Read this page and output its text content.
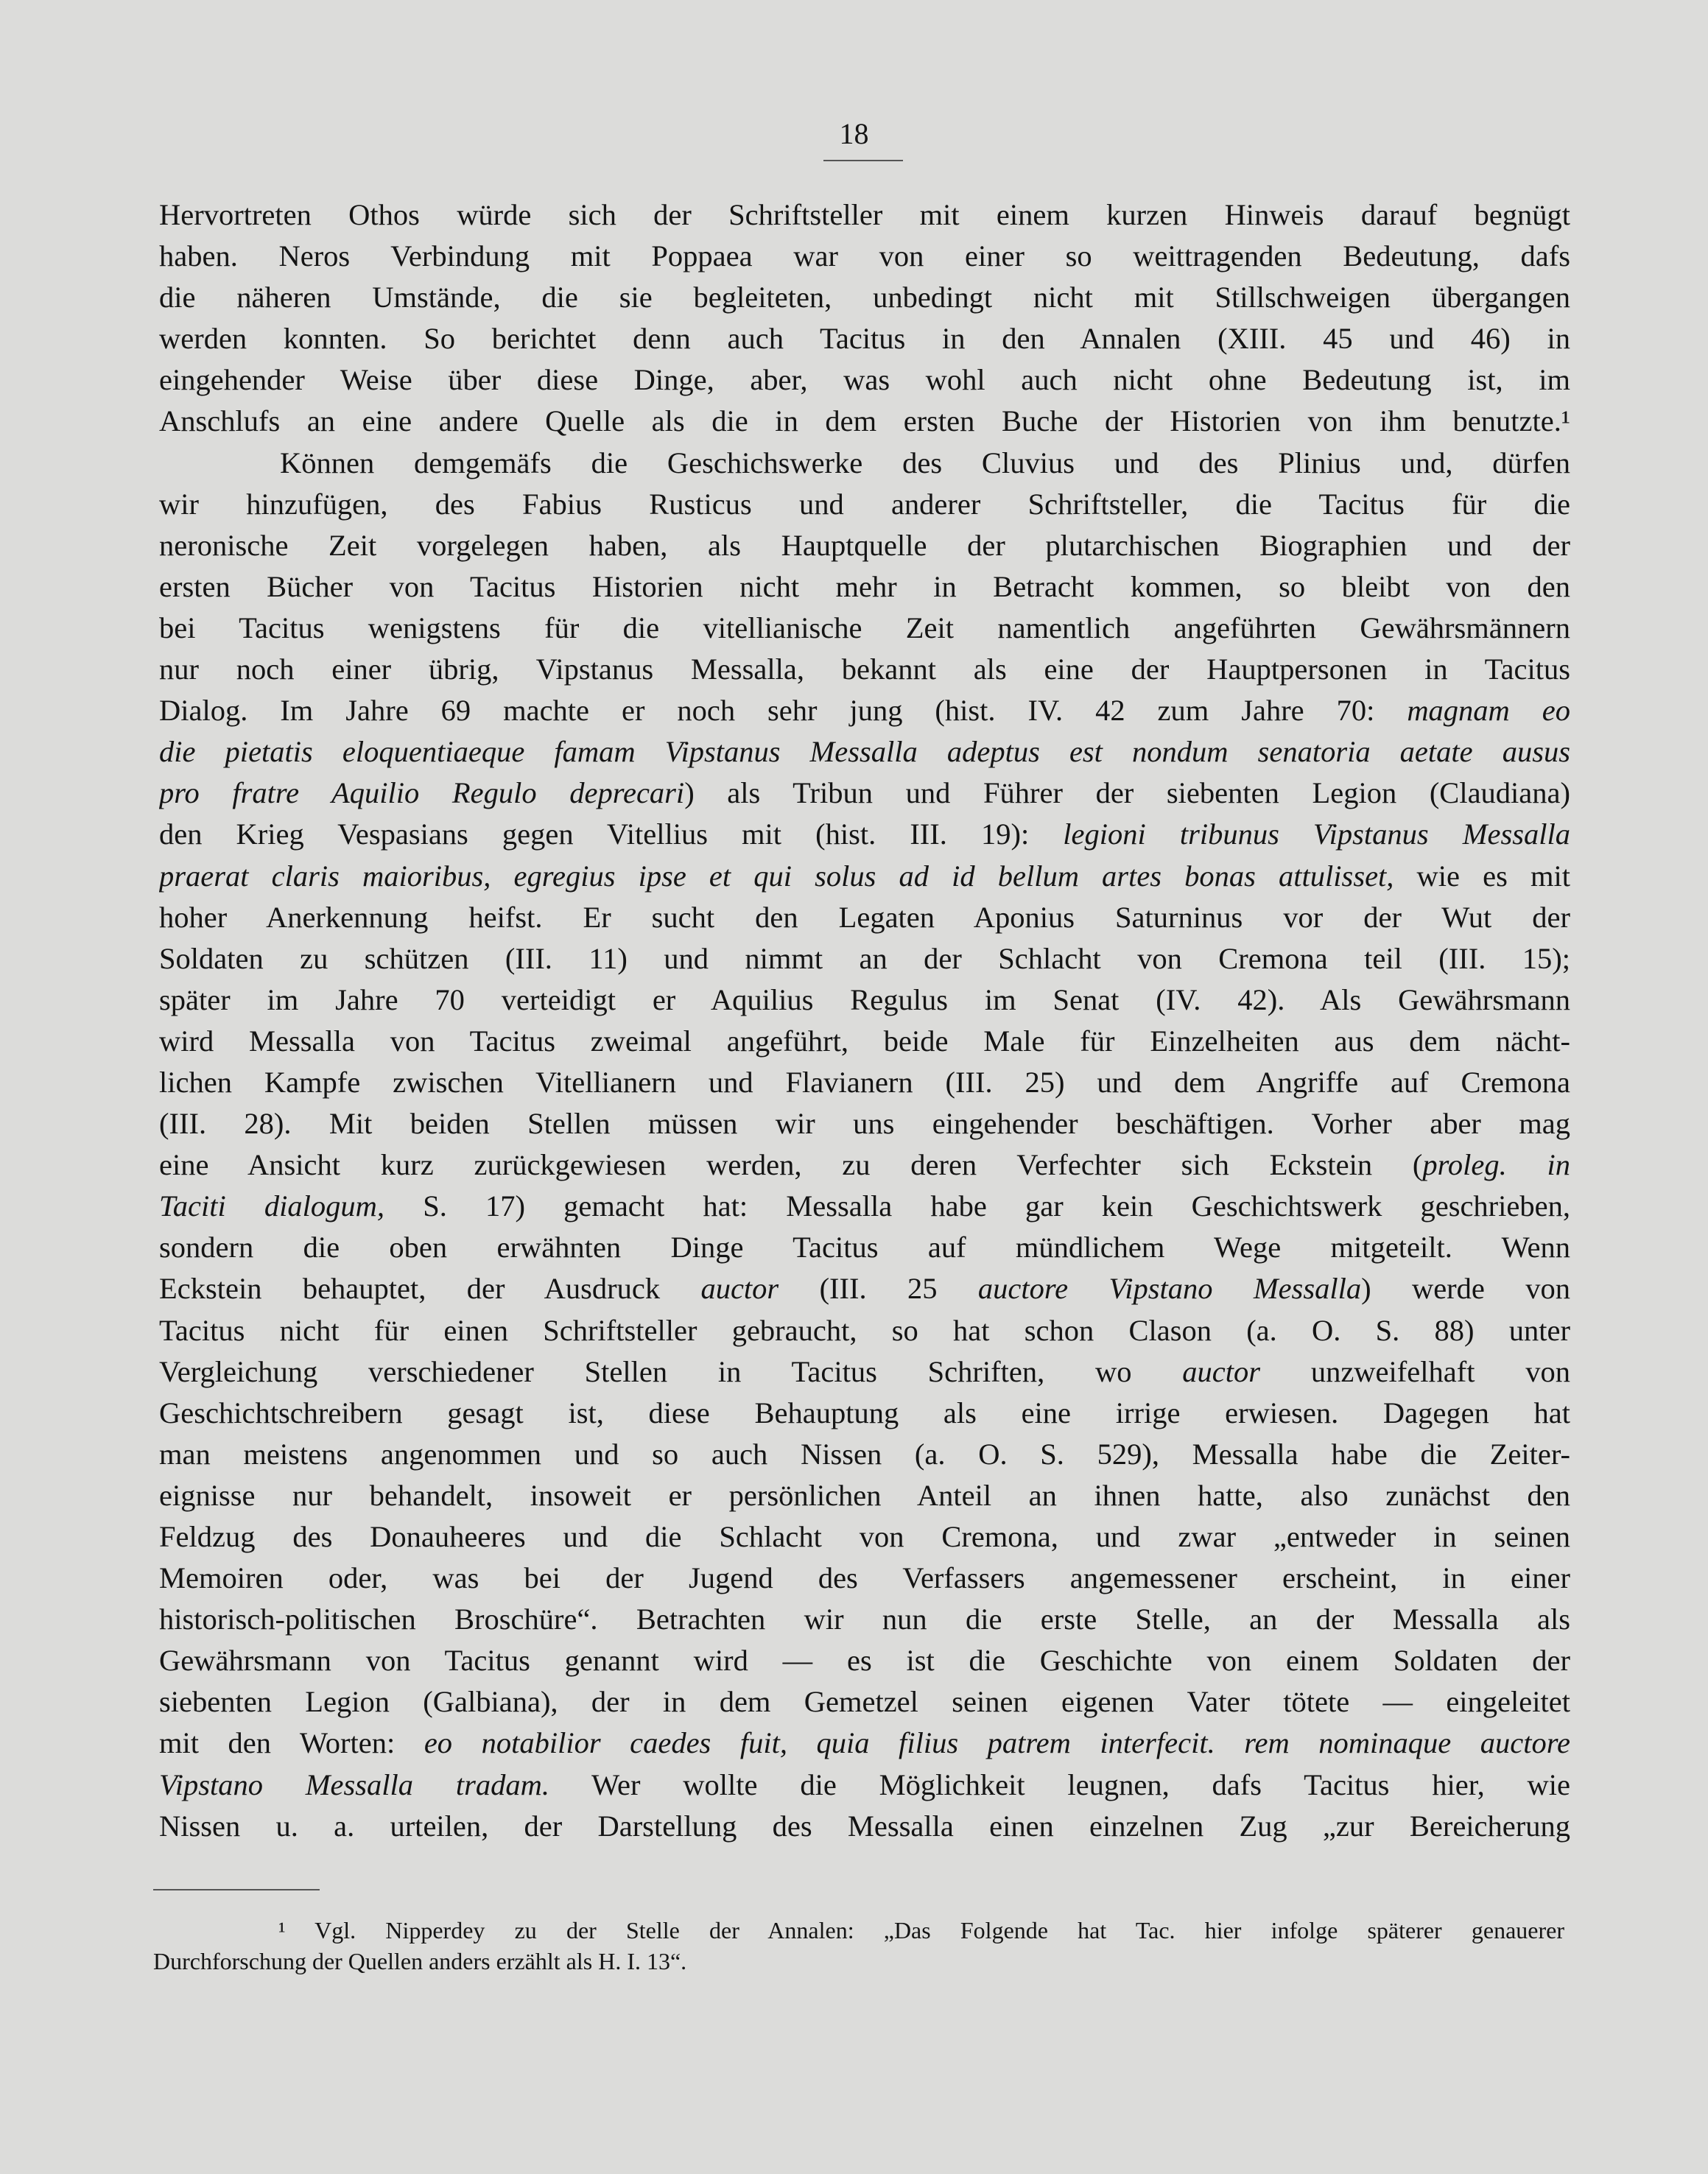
18
Hervortreten Othos würde sich der Schriftsteller mit einem kurzen Hinweis darauf begnügt
haben. Neros Verbindung mit Poppaea war von einer so weittragenden Bedeutung, dafs
die näheren Umstände, die sie begleiteten, unbedingt nicht mit Stillschweigen übergangen
werden konnten. So berichtet denn auch Tacitus in den Annalen (XIII. 45 und 46) in
eingehender Weise über diese Dinge, aber, was wohl auch nicht ohne Bedeutung ist, im
Anschlufs an eine andere Quelle als die in dem ersten Buche der Historien von ihm benutzte.¹
Können demgemäfs die Geschichswerke des Cluvius und des Plinius und, dürfen
wir hinzufügen, des Fabius Rusticus und anderer Schriftsteller, die Tacitus für die
neronische Zeit vorgelegen haben, als Hauptquelle der plutarchischen Biographien und der
ersten Bücher von Tacitus Historien nicht mehr in Betracht kommen, so bleibt von den
bei Tacitus wenigstens für die vitellianische Zeit namentlich angeführten Gewährsmännern
nur noch einer übrig, Vipstanus Messalla, bekannt als eine der Hauptpersonen in Tacitus
Dialog. Im Jahre 69 machte er noch sehr jung (hist. IV. 42 zum Jahre 70: magnam eo
die pietatis eloquentiaeque famam Vipstanus Messalla adeptus est nondum senatoria aetate ausus
pro fratre Aquilio Regulo deprecari) als Tribun und Führer der siebenten Legion (Claudiana)
den Krieg Vespasians gegen Vitellius mit (hist. III. 19): legioni tribunus Vipstanus Messalla
praerat claris maioribus, egregius ipse et qui solus ad id bellum artes bonas attulisset, wie es mit
hoher Anerkennung heifst. Er sucht den Legaten Aponius Saturninus vor der Wut der
Soldaten zu schützen (III. 11) und nimmt an der Schlacht von Cremona teil (III. 15);
später im Jahre 70 verteidigt er Aquilius Regulus im Senat (IV. 42). Als Gewährsmann
wird Messalla von Tacitus zweimal angeführt, beide Male für Einzelheiten aus dem nächt-
lichen Kampfe zwischen Vitellianern und Flavianern (III. 25) und dem Angriffe auf Cremona
(III. 28). Mit beiden Stellen müssen wir uns eingehender beschäftigen. Vorher aber mag
eine Ansicht kurz zurückgewiesen werden, zu deren Verfechter sich Eckstein (proleg. in
Taciti dialogum, S. 17) gemacht hat: Messalla habe gar kein Geschichtswerk geschrieben,
sondern die oben erwähnten Dinge Tacitus auf mündlichem Wege mitgeteilt. Wenn
Eckstein behauptet, der Ausdruck auctor (III. 25 auctore Vipstano Messalla) werde von
Tacitus nicht für einen Schriftsteller gebraucht, so hat schon Clason (a. O. S. 88) unter
Vergleichung verschiedener Stellen in Tacitus Schriften, wo auctor unzweifelhaft von
Geschichtschreibern gesagt ist, diese Behauptung als eine irrige erwiesen. Dagegen hat
man meistens angenommen und so auch Nissen (a. O. S. 529), Messalla habe die Zeiter-
eignisse nur behandelt, insoweit er persönlichen Anteil an ihnen hatte, also zunächst den
Feldzug des Donauheeres und die Schlacht von Cremona, und zwar „entweder in seinen
Memoiren oder, was bei der Jugend des Verfassers angemessener erscheint, in einer
historisch-politischen Broschüre“. Betrachten wir nun die erste Stelle, an der Messalla als
Gewährsmann von Tacitus genannt wird — es ist die Geschichte von einem Soldaten der
siebenten Legion (Galbiana), der in dem Gemetzel seinen eigenen Vater tötete — eingeleitet
mit den Worten: eo notabilior caedes fuit, quia filius patrem interfecit. rem nominaque auctore
Vipstano Messalla tradam. Wer wollte die Möglichkeit leugnen, dafs Tacitus hier, wie
Nissen u. a. urteilen, der Darstellung des Messalla einen einzelnen Zug „zur Bereicherung
¹ Vgl. Nipperdey zu der Stelle der Annalen: „Das Folgende hat Tac. hier infolge späterer genauerer
Durchforschung der Quellen anders erzählt als H. I. 13“.
